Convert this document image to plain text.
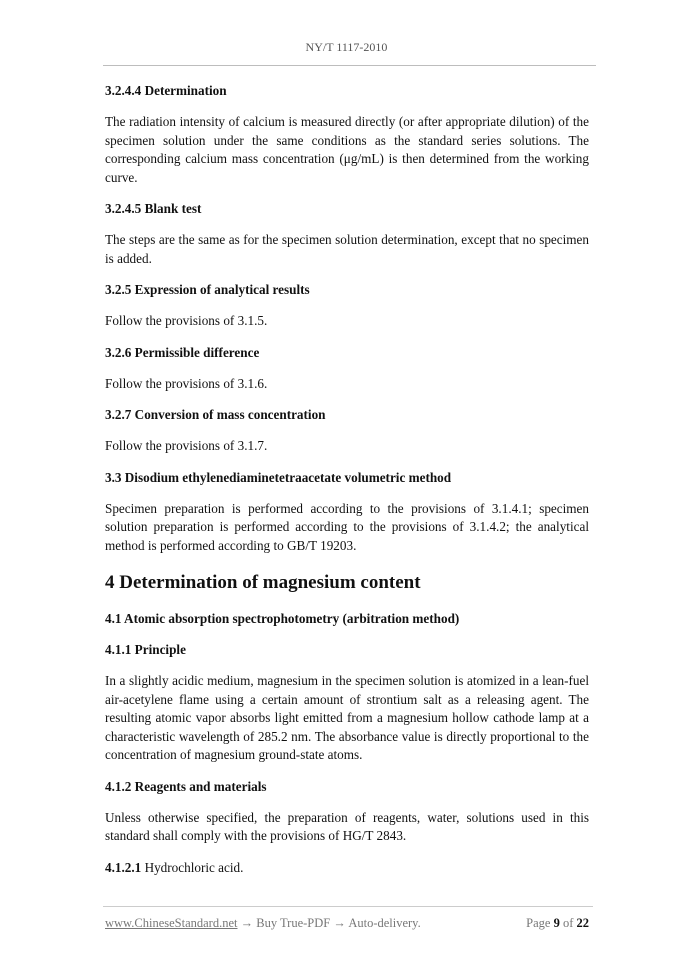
NY/T 1117-2010
3.2.4.4 Determination
The radiation intensity of calcium is measured directly (or after appropriate dilution) of the specimen solution under the same conditions as the standard series solutions. The corresponding calcium mass concentration (μg/mL) is then determined from the working curve.
3.2.4.5 Blank test
The steps are the same as for the specimen solution determination, except that no specimen is added.
3.2.5 Expression of analytical results
Follow the provisions of 3.1.5.
3.2.6 Permissible difference
Follow the provisions of 3.1.6.
3.2.7 Conversion of mass concentration
Follow the provisions of 3.1.7.
3.3 Disodium ethylenediaminetetraacetate volumetric method
Specimen preparation is performed according to the provisions of 3.1.4.1; specimen solution preparation is performed according to the provisions of 3.1.4.2; the analytical method is performed according to GB/T 19203.
4 Determination of magnesium content
4.1 Atomic absorption spectrophotometry (arbitration method)
4.1.1 Principle
In a slightly acidic medium, magnesium in the specimen solution is atomized in a lean-fuel air-acetylene flame using a certain amount of strontium salt as a releasing agent. The resulting atomic vapor absorbs light emitted from a magnesium hollow cathode lamp at a characteristic wavelength of 285.2 nm. The absorbance value is directly proportional to the concentration of magnesium ground-state atoms.
4.1.2 Reagents and materials
Unless otherwise specified, the preparation of reagents, water, solutions used in this standard shall comply with the provisions of HG/T 2843.
4.1.2.1 Hydrochloric acid.
www.ChineseStandard.net → Buy True-PDF → Auto-delivery.	Page 9 of 22
